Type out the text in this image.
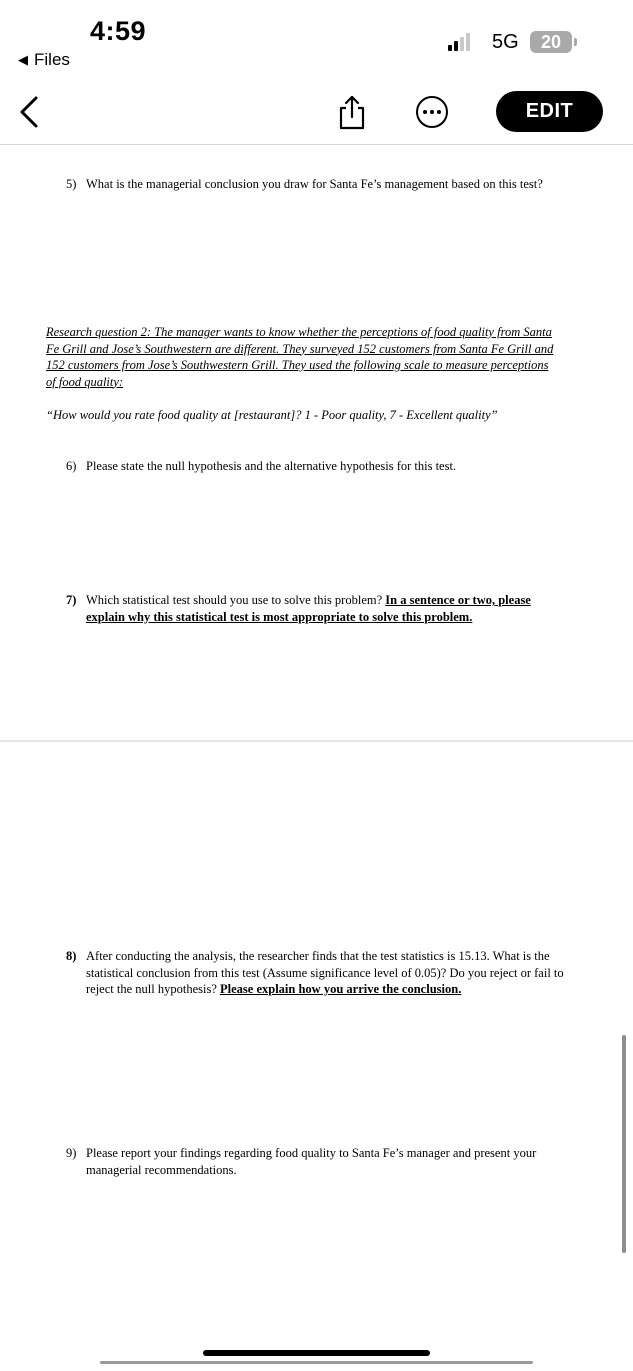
4:59
◀ Files
5G	20
EDIT
5) What is the managerial conclusion you draw for Santa Fe’s management based on this test?
Research question 2: The manager wants to know whether the perceptions of food quality from Santa Fe Grill and Jose’s Southwestern are different. They surveyed 152 customers from Santa Fe Grill and 152 customers from Jose’s Southwestern Grill. They used the following scale to measure perceptions of food quality:
“How would you rate food quality at [restaurant]? 1 - Poor quality, 7 - Excellent quality”
6) Please state the null hypothesis and the alternative hypothesis for this test.
7) Which statistical test should you use to solve this problem? In a sentence or two, please explain why this statistical test is most appropriate to solve this problem.
8) After conducting the analysis, the researcher finds that the test statistics is 15.13. What is the statistical conclusion from this test (Assume significance level of 0.05)? Do you reject or fail to reject the null hypothesis? Please explain how you arrive the conclusion.
9) Please report your findings regarding food quality to Santa Fe’s manager and present your managerial recommendations.
